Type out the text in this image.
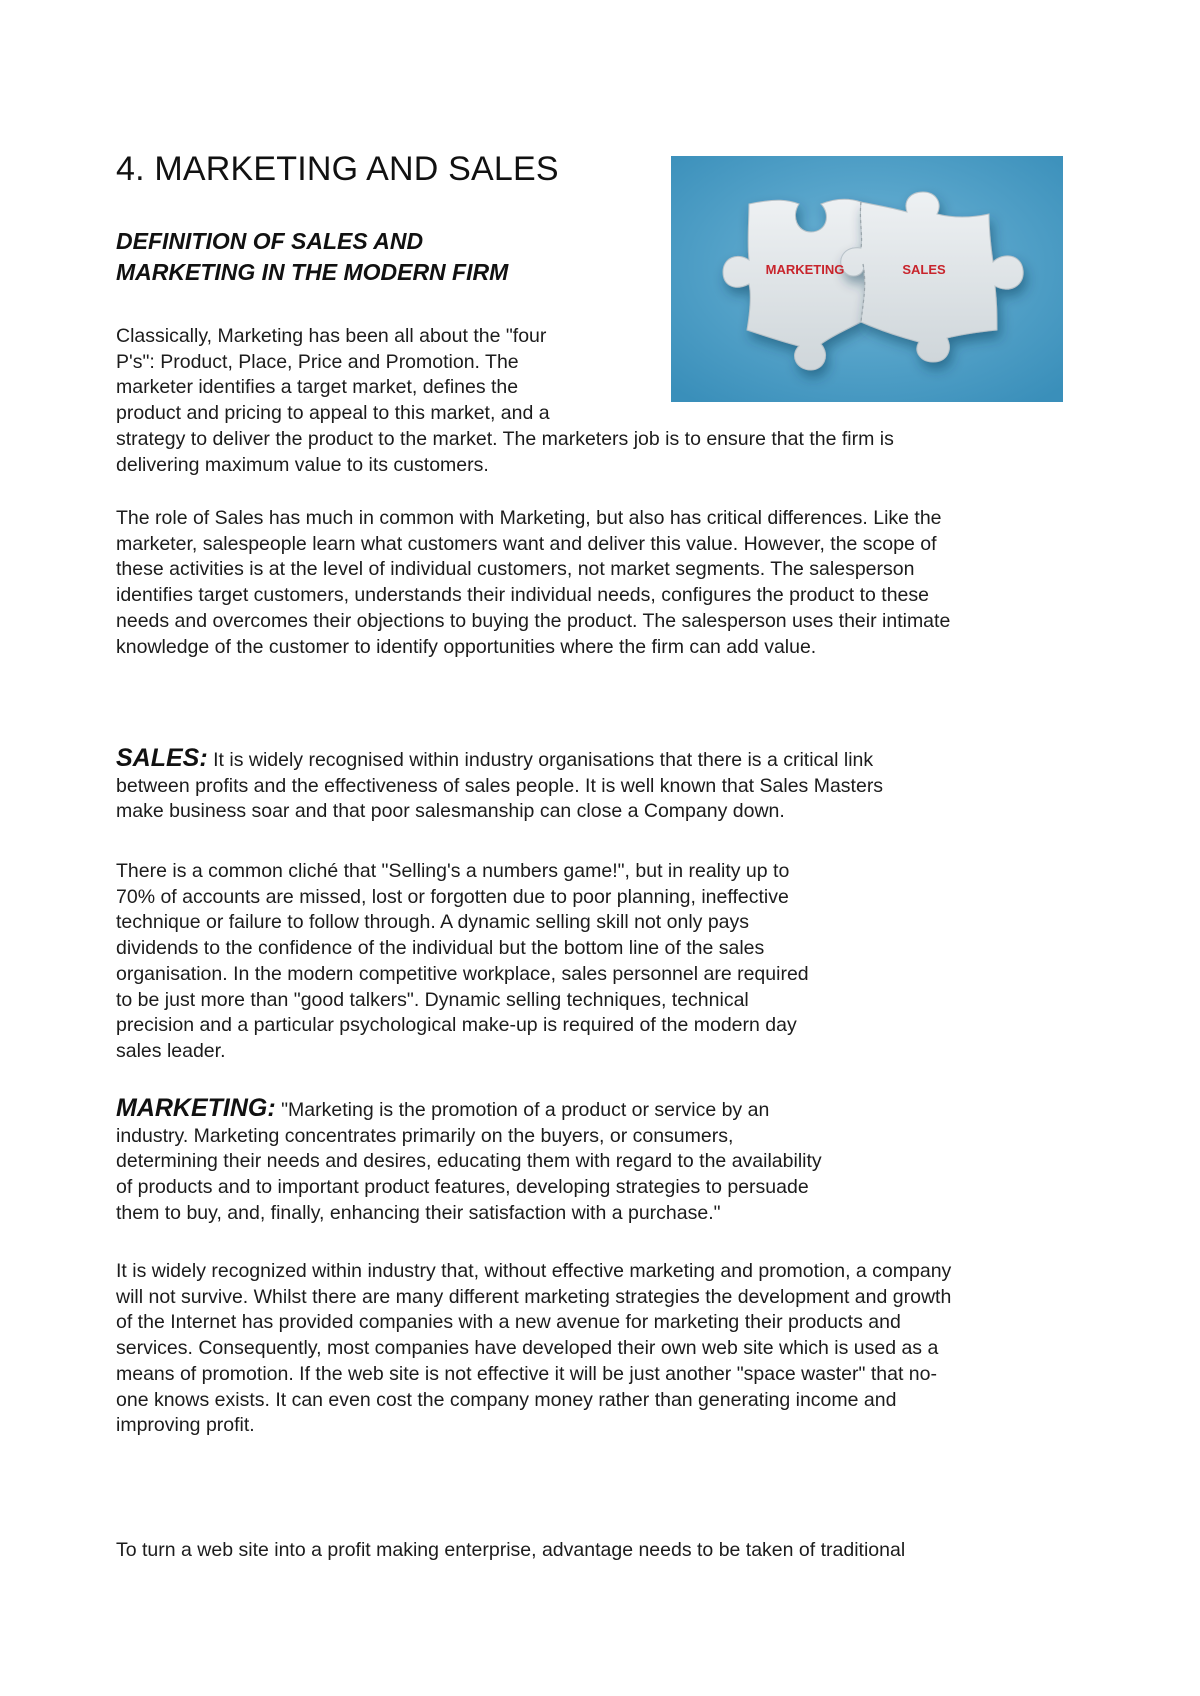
4. MARKETING AND SALES
DEFINITION OF SALES AND
MARKETING IN THE MODERN FIRM	MARKETING	SALES

Classically, Marketing has been all about the "four
P's": Product, Place, Price and Promotion. The
marketer identifies a target market, defines the
product and pricing to appeal to this market, and a
strategy to deliver the product to the market. The marketers job is to ensure that the firm is
delivering maximum value to its customers.

The role of Sales has much in common with Marketing, but also has critical differences. Like the
marketer, salespeople learn what customers want and deliver this value. However, the scope of
these activities is at the level of individual customers, not market segments. The salesperson
identifies target customers, understands their individual needs, configures the product to these
needs and overcomes their objections to buying the product. The salesperson uses their intimate
knowledge of the customer to identify opportunities where the firm can add value.

SALES: It is widely recognised within industry organisations that there is a critical link
between profits and the effectiveness of sales people. It is well known that Sales Masters
make business soar and that poor salesmanship can close a Company down.

There is a common cliché that "Selling's a numbers game!", but in reality up to
70% of accounts are missed, lost or forgotten due to poor planning, ineffective
technique or failure to follow through. A dynamic selling skill not only pays
dividends to the confidence of the individual but the bottom line of the sales
organisation. In the modern competitive workplace, sales personnel are required
to be just more than "good talkers". Dynamic selling techniques, technical
precision and a particular psychological make-up is required of the modern day
sales leader.

MARKETING: "Marketing is the promotion of a product or service by an
industry. Marketing concentrates primarily on the buyers, or consumers,
determining their needs and desires, educating them with regard to the availability
of products and to important product features, developing strategies to persuade
them to buy, and, finally, enhancing their satisfaction with a purchase."

It is widely recognized within industry that, without effective marketing and promotion, a company
will not survive. Whilst there are many different marketing strategies the development and growth
of the Internet has provided companies with a new avenue for marketing their products and
services. Consequently, most companies have developed their own web site which is used as a
means of promotion. If the web site is not effective it will be just another "space waster" that no-
one knows exists. It can even cost the company money rather than generating income and
improving profit.

To turn a web site into a profit making enterprise, advantage needs to be taken of traditional
